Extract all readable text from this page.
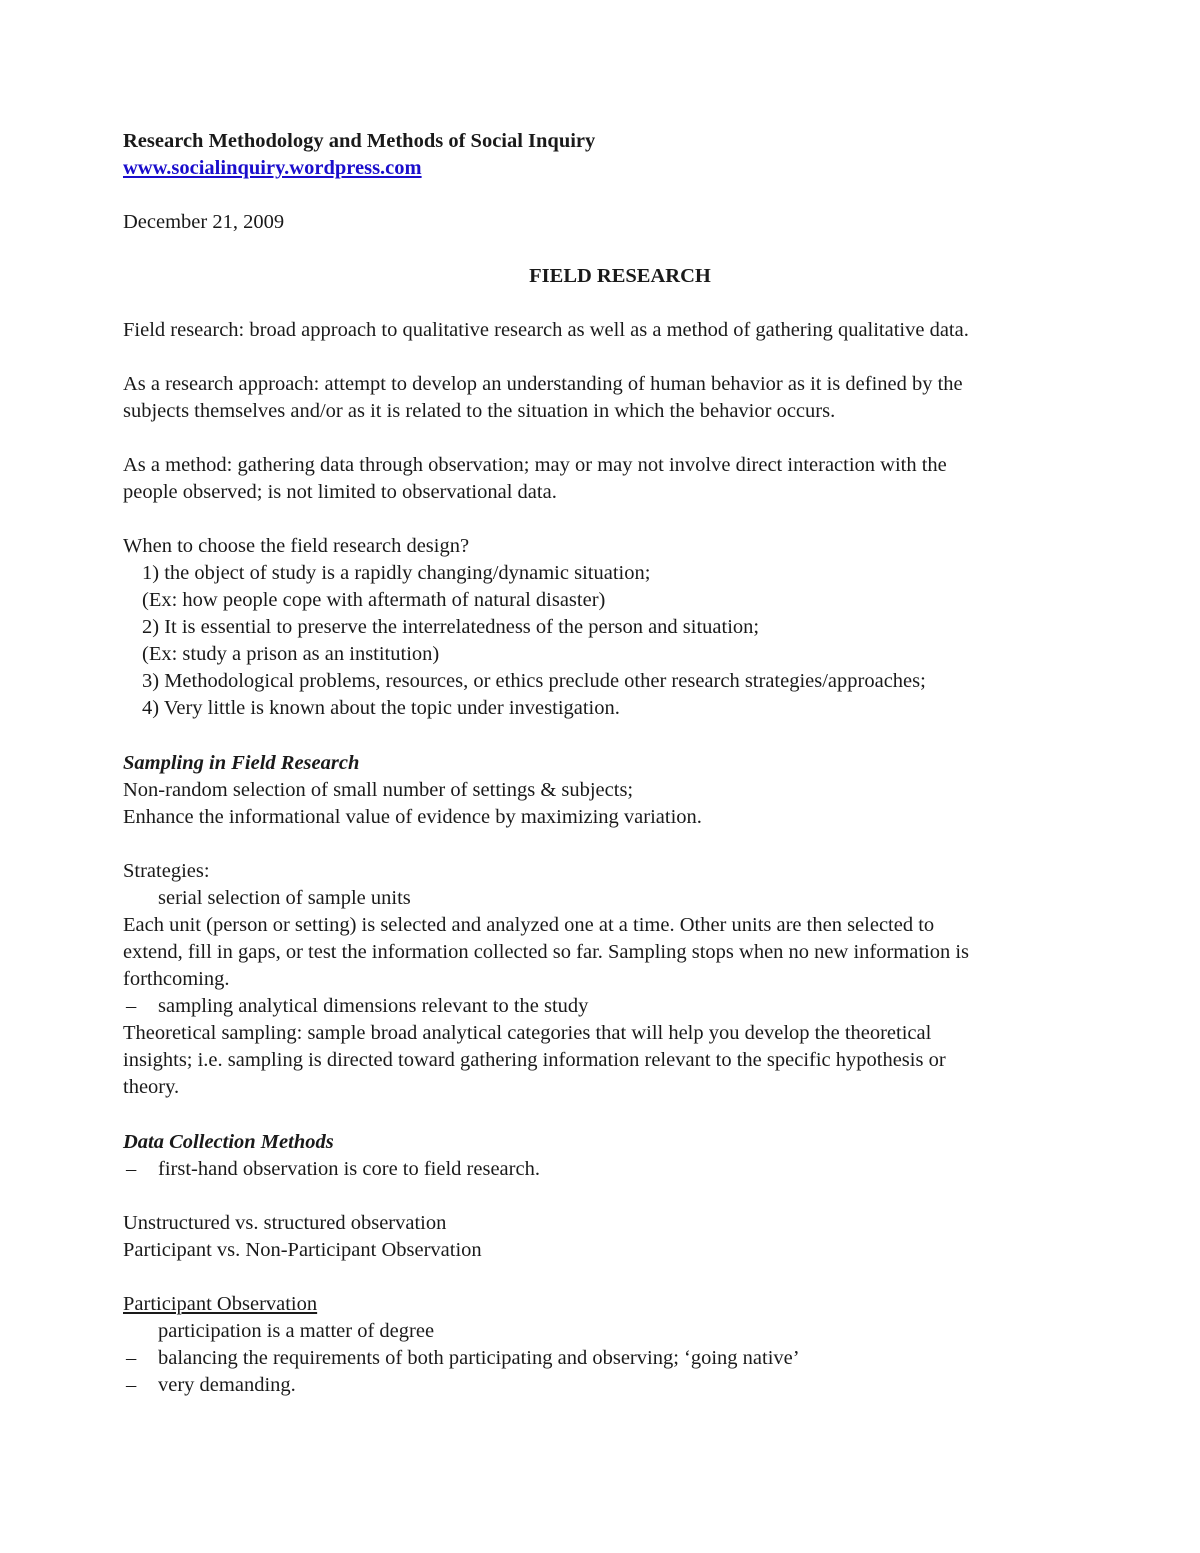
Research Methodology and Methods of Social Inquiry
www.socialinquiry.wordpress.com
December 21, 2009
FIELD RESEARCH
Field research: broad approach to qualitative research as well as a method of gathering qualitative data.
As a research approach: attempt to develop an understanding of human behavior as it is defined by the
subjects themselves and/or as it is related to the situation in which the behavior occurs.
As a method: gathering data through observation; may or may not involve direct interaction with the
people observed; is not limited to observational data.
When to choose the field research design?
1) the object of study is a rapidly changing/dynamic situation;
(Ex: how people cope with aftermath of natural disaster)
2) It is essential to preserve the interrelatedness of the person and situation;
(Ex: study a prison as an institution)
3) Methodological problems, resources, or ethics preclude other research strategies/approaches;
4) Very little is known about the topic under investigation.
Sampling in Field Research
Non-random selection of small number of settings & subjects;
Enhance the informational value of evidence by maximizing variation.
Strategies:
serial selection of sample units
Each unit (person or setting) is selected and analyzed one at a time. Other units are then selected to
extend, fill in gaps, or test the information collected so far. Sampling stops when no new information is
forthcoming.
– sampling analytical dimensions relevant to the study
Theoretical sampling: sample broad analytical categories that will help you develop the theoretical
insights; i.e. sampling is directed toward gathering information relevant to the specific hypothesis or
theory.
Data Collection Methods
– first-hand observation is core to field research.
Unstructured vs. structured observation
Participant vs. Non-Participant Observation
Participant Observation
participation is a matter of degree
– balancing the requirements of both participating and observing; ‘going native’
– very demanding.
